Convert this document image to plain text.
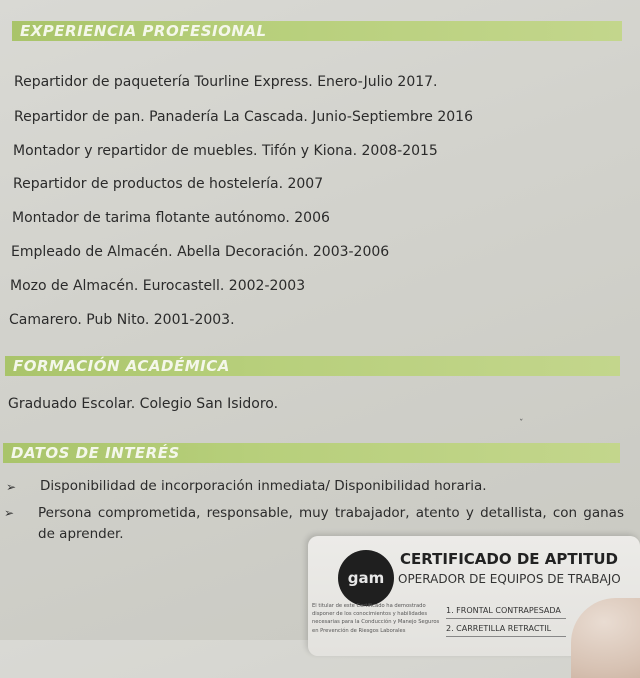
EXPERIENCIA PROFESIONAL
Repartidor de paquetería Tourline Express. Enero-Julio 2017.
Repartidor de pan. Panadería La Cascada. Junio-Septiembre 2016
Montador y repartidor de muebles. Tifón y Kiona. 2008-2015
Repartidor de productos de hostelería. 2007
Montador de tarima flotante autónomo. 2006
Empleado de Almacén. Abella Decoración. 2003-2006
Mozo de Almacén. Eurocastell. 2002-2003
Camarero. Pub Nito. 2001-2003.
FORMACIÓN ACADÉMICA
Graduado Escolar. Colegio San Isidoro.
ˇ
DATOS DE INTERÉS
➢ Disponibilidad de incorporación inmediata/ Disponibilidad horaria.
➢ Persona comprometida, responsable, muy trabajador, atento y detallista, con ganas de aprender.
gam
CERTIFICADO DE APTITUD
OPERADOR DE EQUIPOS DE TRABAJO
El titular de este Certificado ha demostrado disponer de los conocimientos y habilidades necesarias para la Conducción y Manejo Seguros en Prevención de Riesgos Laborales
1. FRONTAL CONTRAPESADA
2. CARRETILLA RETRACTIL
